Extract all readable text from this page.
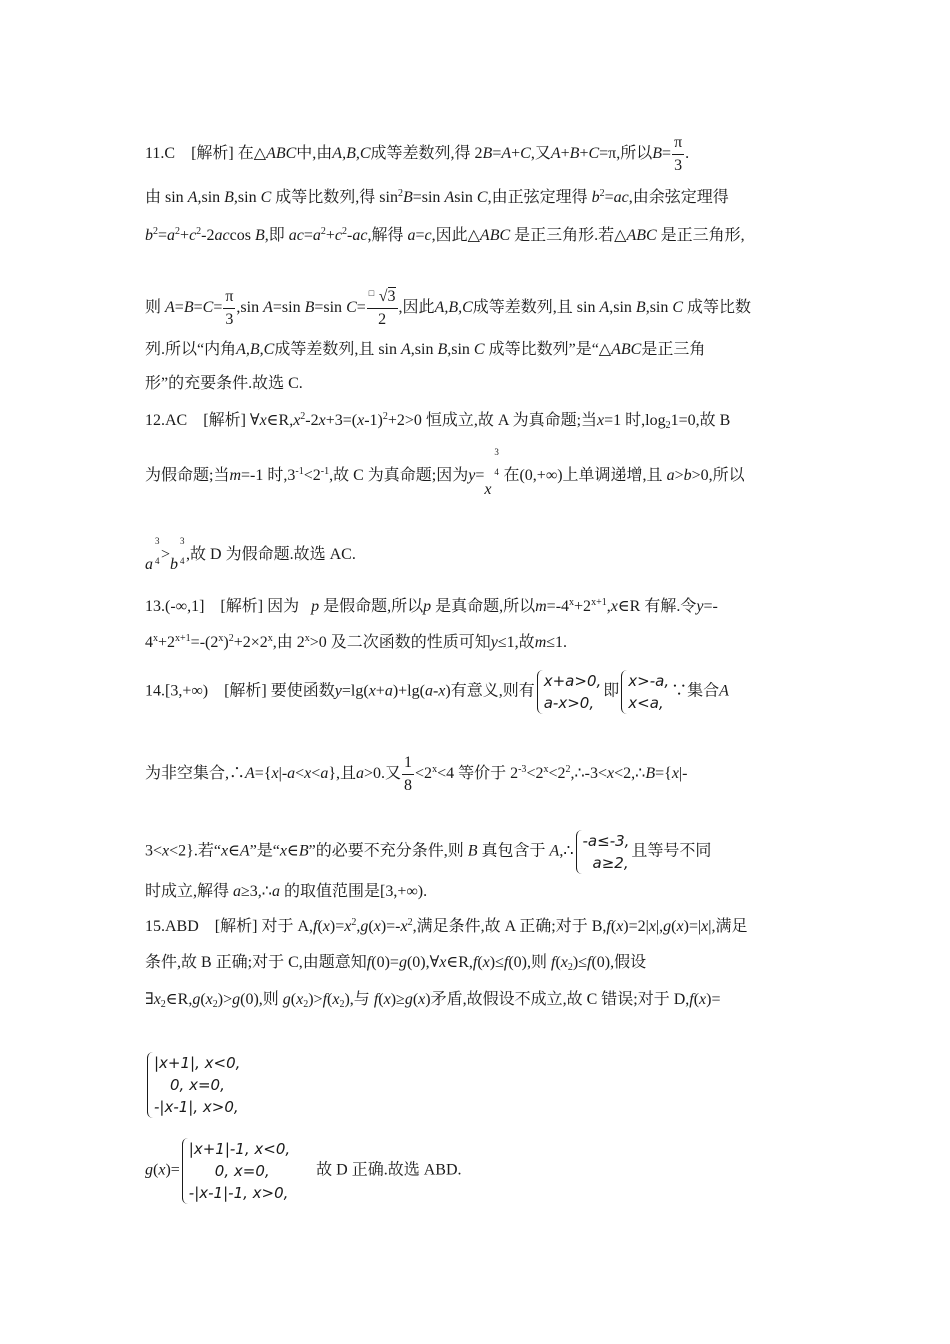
11.C [解析] 在△ABC中,由A,B,C成等差数列,得 2B=A+C,又A+B+C=π,所以$B= \frac{\pi}{3}$ .
由 sin A,sin B,sin C 成等比数列,得 $\sin^2B=\sin$ Asin C,由正弦定理得 $b^2=ac$,由余弦定理得
$b^2=a^2+c^2-2accos$ B,即 $ac=a^2+c^2-ac$,解得 a=c,因此△ABC 是正三角形.若△ABC 是正三角形,
则 $A=B=C= \frac{\pi}{3} ,\sin$ A=sin B=sin $C= \frac{□ √3}{2}$ ,因此A,B,C成等差数列,且 sin A,sin B,sin C 成等比数
列.所以“内角A,B,C成等差数列,且 sin A,sin B,sin C 成等比数列”是“△ABC是正三角
形”的充要条件.故选 C.
12.AC [解析] $\forall x\in R,x^2-2x+3=(x-1)^2+2>0$ 恒成立,故 A 为真命题;当x=1 时$,\log_21=0$,故 B
为假命题;当m=-1 时$,3^{-1}<2^{-1}$,故 C 为真命题;因为y=x
3
4 在(0,+∞)上单调递增,且 a>b>0,所以
a
3
4 >b
3
4 ,故 D 为假命题.故选 AC.
13.(-∞,1] [解析] 因为 p 是假命题,所以p 是真命题,所以$m=-4^x+2^{x+1},x\in R$ 有解.令y=-
$4^x+2^{x+1}=-(2^x)^2+2\times 2^x$,由 $2^x>0$ 及二次函数的性质可知y≤1,故m≤1.
14.[3,+∞) [解析] 要使函数y=lg(x+a)+lg(a-x)有意义,则有
x+a>0,
a-x>0,
即
x>-a,
x<a,
∵集合A
为非空集合,∴A={x|-a<x<a},且a>0.又 $\frac{1}{8} <2^x<4$ 等价于 $2^{-3}<2^x<2^2,\therefore-3<x<2,\therefore B=\{x|-$
3<x<2}.若“x∈A”是“x∈B”的必要不充分条件,则 B 真包含于 A,∴
-a≤-3,
a≥2,
且等号不同
时成立,解得 a≥3,∴a 的取值范围是[3,+∞).
15.ABD [解析] 对于 $A,f(x)=x^2,g(x)=-x^2$,满足条件,故 A 正确;对于 B,f(x)=2|x|,g(x)=|x|,满足
条件,故 B 正确;对于 C,由题意知f(0)=g(0),∀x∈R,f(x)≤f(0),则 $f(x_2)\le f(0)$,假设
$\exists x_2\in R,g(x_2)>g(0)$,则 $g(x_2)>f(x_2)$,与 f(x)≥g(x)矛盾,故假设不成立,故 C 错误;对于 D,f(x)=
|x+1|, x<0,
0, x=0,
-|x-1|, x>0,
g(x)=
|x+1|-1, x<0,
0, x=0,
-|x-1|-1, x>0,
故 D 正确.故选 ABD.
